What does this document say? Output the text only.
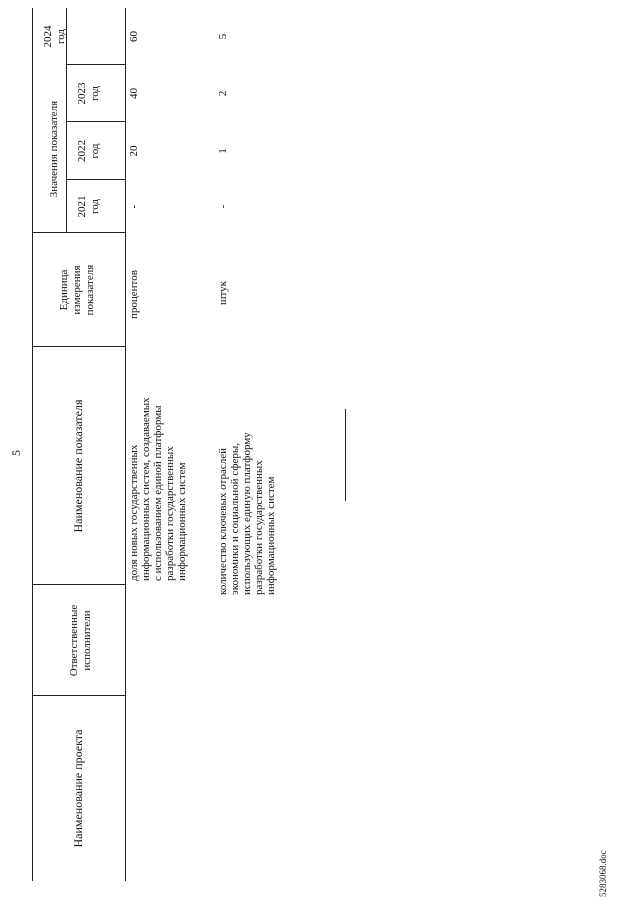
5
Наименование проекта
Ответственные исполнители
Наименование показателя
Единица измерения показателя
Значения показателя
2021 год
2022 год
2023 год
2024 год
доля новых государственных информационных систем, создаваемых с использованием единой платформы разработки государственных информационных систем
процентов
-
20
40
60
количество ключевых отраслей экономики и социальной сферы, использующих единую платформу разработки государственных информационных систем
штук
-
1
2
5
5283068.doc
